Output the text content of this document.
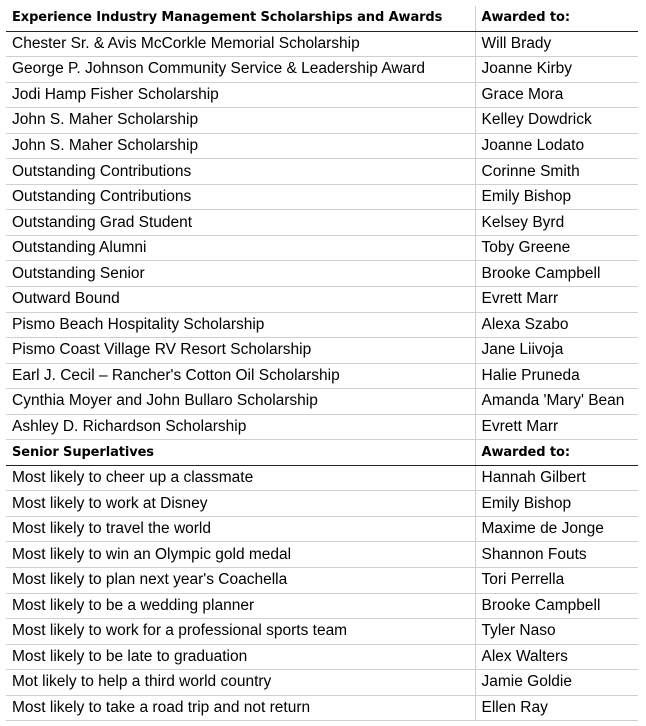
Experience Industry Management Scholarships and Awards	Awarded to:
Chester Sr. & Avis McCorkle Memorial Scholarship	Will Brady
George P. Johnson Community Service & Leadership Award	Joanne Kirby
Jodi Hamp Fisher Scholarship	Grace Mora
John S. Maher Scholarship	Kelley Dowdrick
John S. Maher Scholarship	Joanne Lodato
Outstanding Contributions	Corinne Smith
Outstanding Contributions	Emily Bishop
Outstanding Grad Student	Kelsey Byrd
Outstanding Alumni	Toby Greene
Outstanding Senior	Brooke Campbell
Outward Bound	Evrett Marr
Pismo Beach Hospitality Scholarship	Alexa Szabo
Pismo Coast Village RV Resort Scholarship	Jane Liivoja
Earl J. Cecil – Rancher's Cotton Oil Scholarship	Halie Pruneda
Cynthia Moyer and John Bullaro Scholarship	Amanda 'Mary' Bean
Ashley D. Richardson Scholarship	Evrett Marr
Senior Superlatives	Awarded to:
Most likely to cheer up a classmate	Hannah Gilbert
Most likely to work at Disney	Emily Bishop
Most likely to travel the world	Maxime de Jonge
Most likely to win an Olympic gold medal	Shannon Fouts
Most likely to plan next year's Coachella	Tori Perrella
Most likely to be a wedding planner	Brooke Campbell
Most likely to work for a professional sports team	Tyler Naso
Most likely to be late to graduation	Alex Walters
Mot likely to help a third world country	Jamie Goldie
Most likely to take a road trip and not return	Ellen Ray
